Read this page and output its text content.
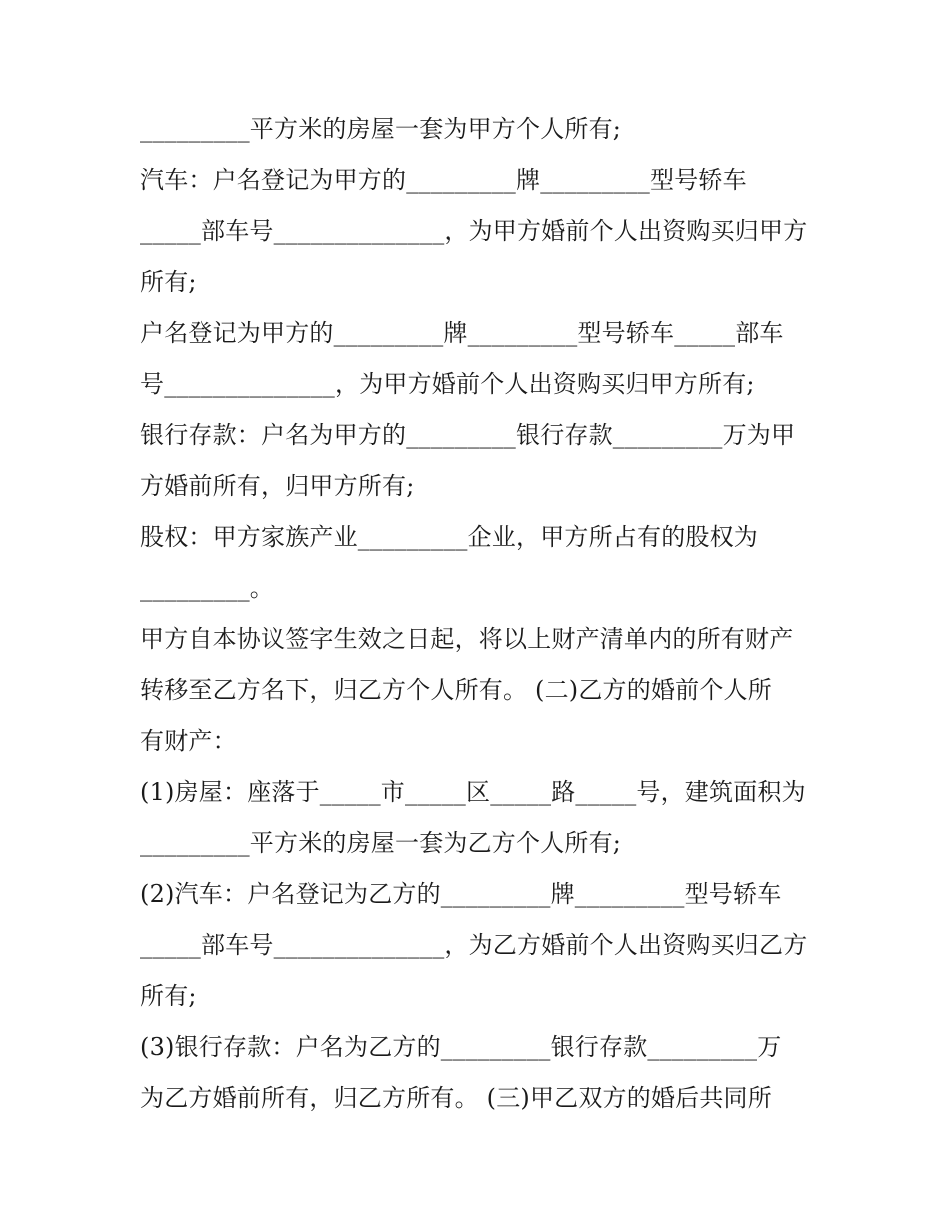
_________平方米的房屋一套为甲方个人所有;
汽车：户名登记为甲方的_________牌_________型号轿车
_____部车号______________，为甲方婚前个人出资购买归甲方
所有;
户名登记为甲方的_________牌_________型号轿车_____部车
号______________，为甲方婚前个人出资购买归甲方所有;
银行存款：户名为甲方的_________银行存款_________万为甲
方婚前所有，归甲方所有;
股权：甲方家族产业_________企业，甲方所占有的股权为
_________。
甲方自本协议签字生效之日起，将以上财产清单内的所有财产
转移至乙方名下，归乙方个人所有。 (二)乙方的婚前个人所
有财产：
(1)房屋：座落于_____市_____区_____路_____号，建筑面积为
_________平方米的房屋一套为乙方个人所有;
(2)汽车：户名登记为乙方的_________牌_________型号轿车
_____部车号______________，为乙方婚前个人出资购买归乙方
所有;
(3)银行存款：户名为乙方的_________银行存款_________万
为乙方婚前所有，归乙方所有。 (三)甲乙双方的婚后共同所
